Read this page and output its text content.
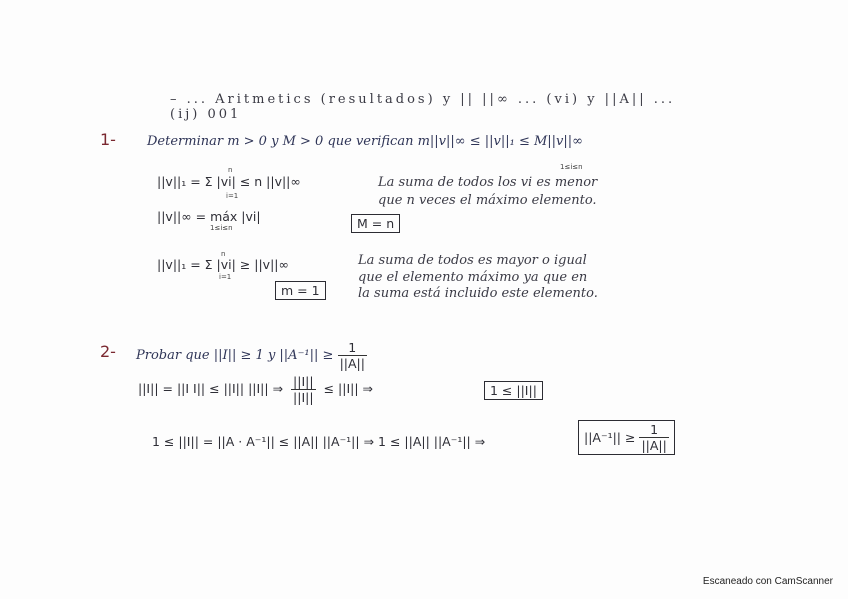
– ... Aritmetics (resultados) y || ||∞ ... (vi) y ||A|| ... (ij) 001
1- Determinar m > 0 y M > 0 que verifican m||v||∞ ≤ ||v||₁ ≤ M||v||∞
||v||₁ = Σ |vi| ≤ n ||v||∞
n
i=1
1≤i≤n
La suma de todos los vi es menor
que n veces el máximo elemento.
||v||∞ = máx |vi|
1≤i≤n	M = n
||v||₁ = Σ |vi| ≥ ||v||∞
n
i=1
m = 1
La suma de todos es mayor o igual
que el elemento máximo ya que en
la suma está incluido este elemento.
2- Probar que ||I|| ≥ 1 y $||A^{-1}|| \ge \frac{1}{||A||}$
||I|| = ||I I|| ≤ ||I|| ||I|| ⇒ $\frac{||I||}{||I||} \le ||I||$ ⇒	1 ≤ ||I||
1 ≤ ||I|| = ||A · A⁻¹|| ≤ ||A|| ||A⁻¹|| ⇒ 1 ≤ ||A|| ||A⁻¹|| ⇒	$||A^{-1}|| \ge \frac{1}{||A||}$
Escaneado con CamScanner
